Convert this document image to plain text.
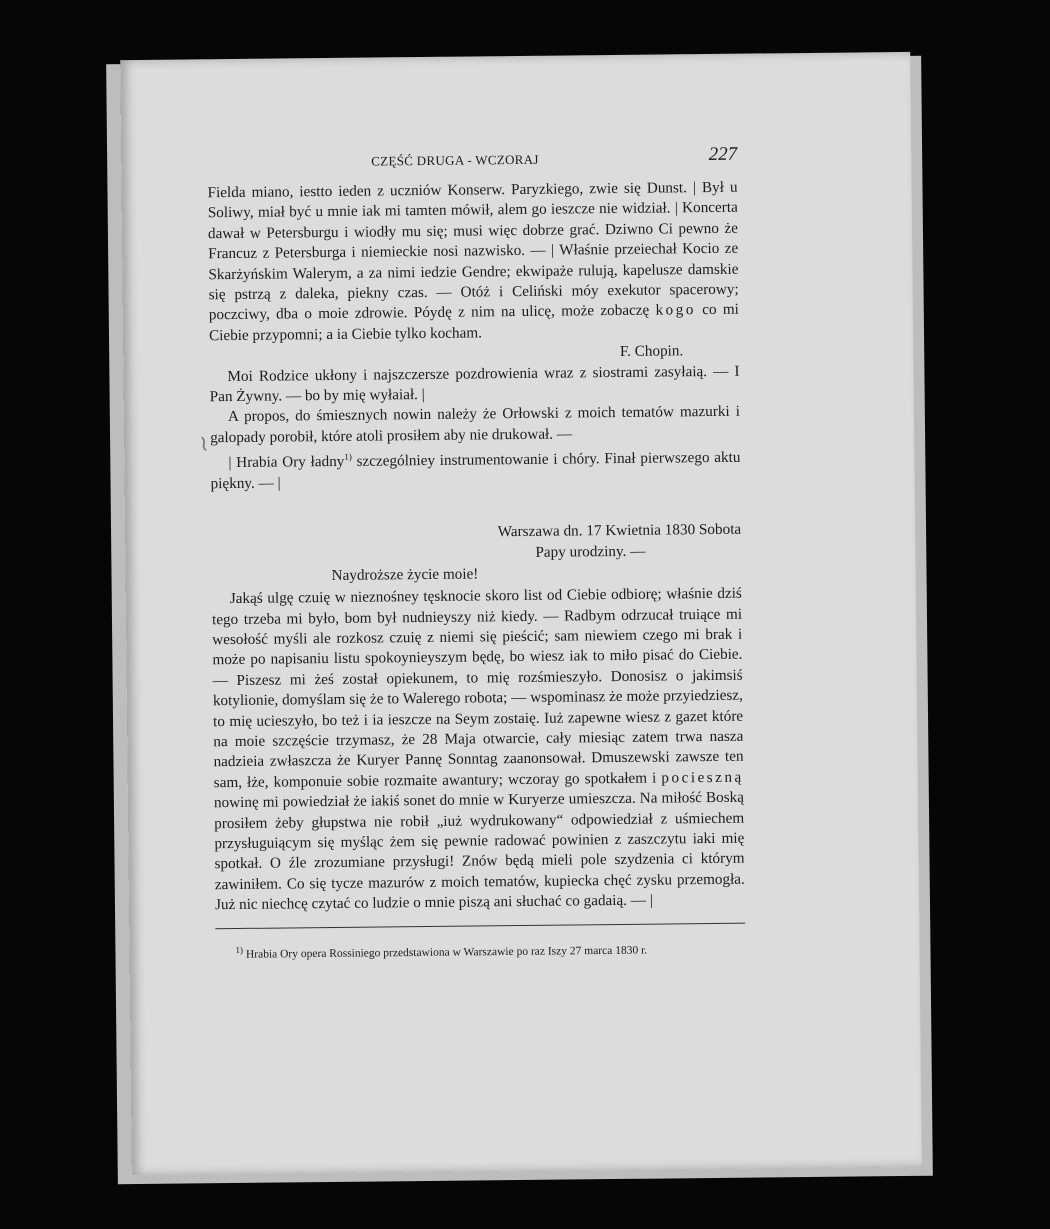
~
CZĘŚĆ DRUGA - WCZORAJ	227

Fielda miano, iestto ieden z uczniów Konserw. Paryzkiego, zwie się Dunst. | Był u Soliwy, miał być u mnie iak mi tamten mówił, alem go ieszcze nie widział. | Koncerta dawał w Petersburgu i wiodły mu się; musi więc dobrze grać. Dziwno Ci pewno że Francuz z Petersburga i niemieckie nosi nazwisko. — | Właśnie przeiechał Kocio ze Skarżyńskim Walerym, a za nimi iedzie Gendre; ekwipaże rulują, kapelusze damskie się pstrzą z daleka, piekny czas. — Otóż i Celiński móy exekutor spacerowy; poczciwy, dba o moie zdrowie. Póydę z nim na ulicę, może zobaczę kogo co mi Ciebie przypomni; a ia Ciebie tylko kocham.

F. Chopin.

Moi Rodzice ukłony i najszczersze pozdrowienia wraz z siostrami zasyłaią. — I Pan Żywny. — bo by mię wyłaiał. |

A propos, do śmiesznych nowin należy że Orłowski z moich tematów mazurki i galopady porobił, które atoli prosiłem aby nie drukował. —

| Hrabia Ory ładny$^{1)}$ szczególniey instrumentowanie i chóry. Finał pierwszego aktu piękny. — |

Warszawa dn. 17 Kwietnia 1830 Sobota
Papy urodziny. —
Naydroższe życie moie!

Jakąś ulgę czuię w nieznośney tęsknocie skoro list od Ciebie odbiorę; właśnie dziś tego trzeba mi było, bom był nudnieyszy niż kiedy. — Radbym odrzucał truiące mi wesołość myśli ale rozkosz czuię z niemi się pieścić; sam niewiem czego mi brak i może po napisaniu listu spokoynieyszym będę, bo wiesz iak to miło pisać do Ciebie. — Piszesz mi żeś został opiekunem, to mię rozśmieszyło. Donosisz o jakimsiś kotylionie, domyślam się że to Walerego robota; — wspominasz że może przyiedziesz, to mię ucieszyło, bo też i ia ieszcze na Seym zostaię. Iuż zapewne wiesz z gazet które na moie szczęście trzymasz, że 28 Maja otwarcie, cały miesiąc zatem trwa nasza nadzieia zwłaszcza że Kuryer Pannę Sonntag zaanonsował. Dmuszewski zawsze ten sam, łże, komponuie sobie rozmaite awantury; wczoray go spotkałem i pocieszną nowinę mi powiedział że iakiś sonet do mnie w Kuryerze umieszcza. Na miłość Boską prosiłem żeby głupstwa nie robił „iuż wydrukowany“ odpowiedział z uśmiechem przysługuiącym się myśląc żem się pewnie radować powinien z zaszczytu iaki mię spotkał. O źle zrozumiane przysługi! Znów będą mieli pole szydzenia ci którym zawiniłem. Co się tycze mazurów z moich tematów, kupiecka chęć zysku przemogła. Już nic niechcę czytać co ludzie o mnie piszą ani słuchać co gadaią. — |

$^{1)}$ Hrabia Ory opera Rossiniego przedstawiona w Warszawie po raz Iszy 27 marca 1830 r.
